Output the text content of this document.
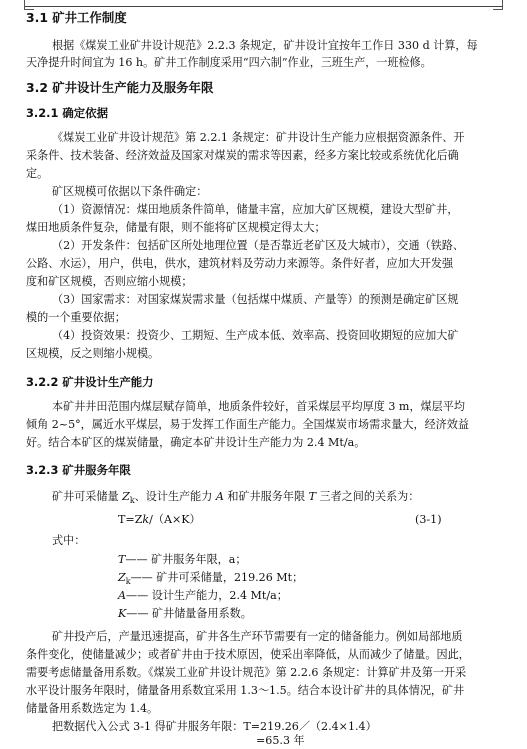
3.1 矿井工作制度
根据《煤炭工业矿井设计规范》2.2.3 条规定，矿井设计宜按年工作日 330 d 计算，每
天净提升时间宜为 16 h。矿井工作制度采用“四六制”作业，三班生产，一班检修。
3.2 矿井设计生产能力及服务年限
3.2.1 确定依据
《煤炭工业矿井设计规范》第 2.2.1 条规定：矿井设计生产能力应根据资源条件、开
采条件、技术装备、经济效益及国家对煤炭的需求等因素，经多方案比较或系统优化后确
定。
矿区规模可依据以下条件确定：
（1）资源情况：煤田地质条件简单，储量丰富，应加大矿区规模，建设大型矿井，
煤田地质条件复杂，储量有限，则不能将矿区规模定得太大；
（2）开发条件：包括矿区所处地理位置（是否靠近老矿区及大城市），交通（铁路、
公路、水运），用户，供电，供水，建筑材料及劳动力来源等。条件好者，应加大开发强
度和矿区规模，否则应缩小规模；
（3）国家需求：对国家煤炭需求量（包括煤中煤质、产量等）的预测是确定矿区规
模的一个重要依据；
（4）投资效果：投资少、工期短、生产成本低、效率高、投资回收期短的应加大矿
区规模，反之则缩小规模。
3.2.2 矿井设计生产能力
本矿井井田范围内煤层赋存简单，地质条件较好，首采煤层平均厚度 3 m，煤层平均
倾角 2~5°，属近水平煤层，易于发挥工作面生产能力。全国煤炭市场需求量大，经济效益
好。结合本矿区的煤炭储量，确定本矿井设计生产能力为 2.4 Mt/a。
3.2.3 矿井服务年限
矿井可采储量 $Z_k$、设计生产能力 A 和矿井服务年限 T 三者之间的关系为：
T=Z𝑘/（A×K）	(3-1)
式中：
T—— 矿井服务年限，a；
$Z_k——$ 矿井可采储量，219.26 Mt；
A—— 设计生产能力，2.4 Mt/a；
K—— 矿井储量备用系数。
矿井投产后，产量迅速提高，矿井各生产环节需要有一定的储备能力。例如局部地质
条件变化，使储量减少；或者矿井由于技术原因，使采出率降低，从而减少了储量。因此，
需要考虑储量备用系数。《煤炭工业矿井设计规范》第 2.2.6 条规定：计算矿井及第一开采
水平设计服务年限时，储量备用系数宜采用 1.3～1.5。结合本设计矿井的具体情况，矿井
储量备用系数选定为 1.4。
把数据代入公式 3-1 得矿井服务年限：T=219.26／（2.4×1.4）
=65.3 年
